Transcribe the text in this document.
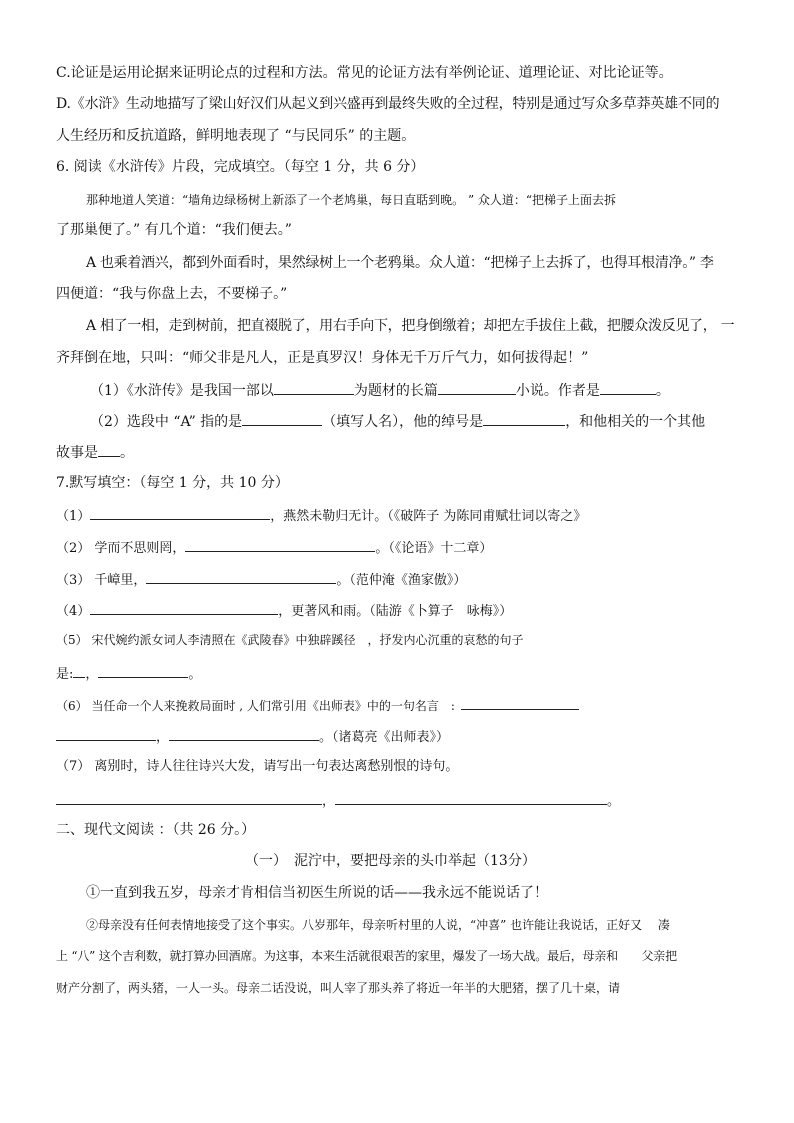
C.论证是运用论据来证明论点的过程和方法。常见的论证方法有举例论证、道理论证、对比论证等。
D.《水浒》生动地描写了梁山好汉们从起义到兴盛再到最终失败的全过程，特别是通过写众多草莽英雄不同的
人生经历和反抗道路，鲜明地表现了 “与民同乐” 的主题。
6. 阅读《水浒传》片段，完成填空。（每空 1 分，共 6 分）
那种地道人笑道：“墙角边绿杨树上新添了一个老鸠巢，每日直聒到晚。 ” 众人道：“把梯子上面去拆
了那巢便了。” 有几个道：“我们便去。”
A 也乘着酒兴，都到外面看时，果然绿树上一个老鸦巢。众人道：“把梯子上去拆了，也得耳根清净。” 李
四便道：“我与你盘上去，不要梯子。”
A 相了一相，走到树前，把直裰脱了，用右手向下，把身倒缴着；却把左手拔住上截，把腰众泼反见了， 一
齐拜倒在地，只叫：“师父非是凡人，正是真罗汉！身体无千万斤气力，如何拔得起！”
（1）《水浒传》是我国一部以	为题材的长篇	小说。作者是	。
（2）选段中 “A” 指的是	（填写人名），他的绰号是	，和他相关的一个其他
故事是 。
7.默写填空：（每空 1 分，共 10 分）
（1）	，燕然未勒归无计。（《破阵子 为陈同甫赋壮词以寄之》
（2） 学而不思则罔，	。（《论语》十二章）
（3） 千嶂里，	。（范仲淹《渔家傲》）
（4）	，更著风和雨。（陆游《卜算子　咏梅》）
（5） 宋代婉约派女词人李清照在《武陵春》中独辟蹊径　，抒发内心沉重的哀愁的句子
是: ，	。
（6） 当任命一个人来挽救局面时 , 人们常引用《出师表》中的一句名言　:
，	。（诸葛亮《出师表》）
（7） 离别时，诗人往往诗兴大发，请写出一句表达离愁别恨的诗句。
，	。
二、现代文阅读 ：（共 26 分。）
（一）　泥泞中，要把母亲的头巾举起（13分）
①一直到我五岁，母亲才肯相信当初医生所说的话——我永远不能说话了！
②母亲没有任何表情地接受了这个事实。八岁那年，母亲听村里的人说，“冲喜” 也许能让我说话，正好又　 凑
上 “八” 这个吉利数，就打算办回酒席。为这事，本来生活就很艰苦的家里，爆发了一场大战。最后，母亲和　　父亲把
财产分割了，两头猪，一人一头。母亲二话没说，叫人宰了那头养了将近一年半的大肥猪，摆了几十桌，请
